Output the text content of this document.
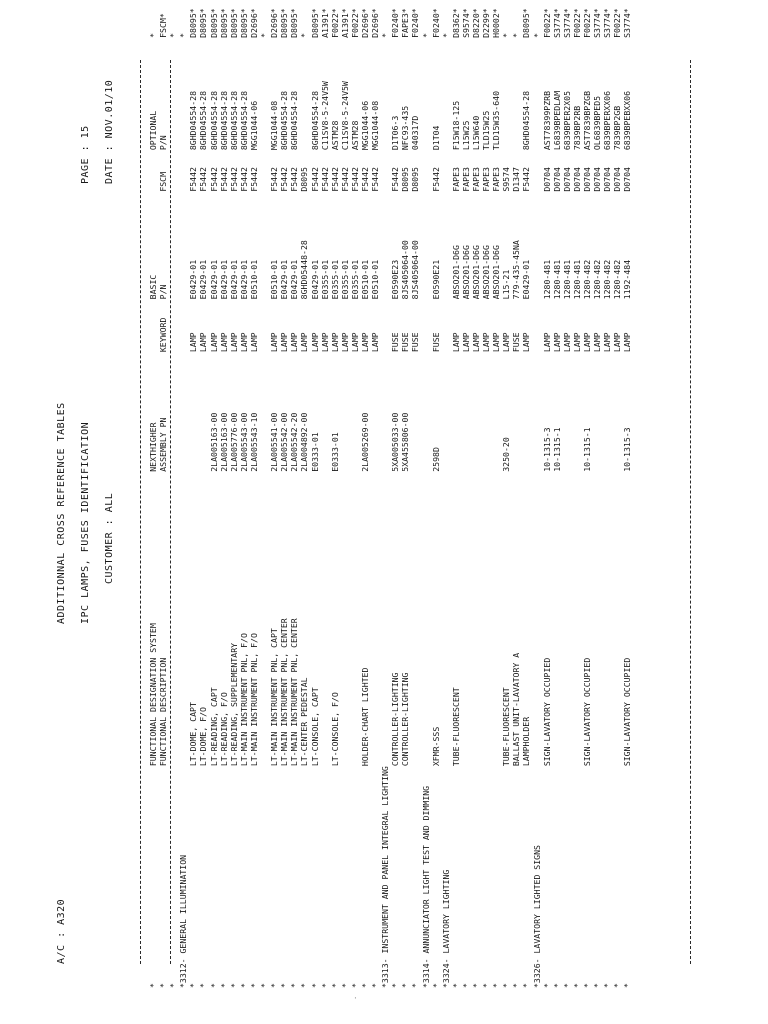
A/C : A320
ADDITIONNAL CROSS REFERENCE TABLES IPC LAMPS, FUSES IDENTIFICATION
PAGE : 15
CUSTOMER : ALL
DATE : NOV.01/10
*	FUNCTIONAL DESIGNATION SYSTEM	NEXTHIGHER		BASIC		OPTIONAL	*
*	FUNCTIONAL DESCRIPTION	ASSEMBLY PN	KEYWORD	P/N	FSCM	P/N	FSCM*
*							*
*3312- GENERAL ILLUMINATION							*
*	LT-DOME, CAPT		LAMP	E0429-01	F5442	8GHD04554-28	D8095*
*	LT-DOME, F/O		LAMP	E0429-01	F5442	8GHD04554-28	D8095*
*	LT-READING, CAPT	2LA005163-00	LAMP	E0429-01	F5442	8GHD04554-28	D8095*
*	LT-READING, F/O	2LA005163-00	LAMP	E0429-01	F5442	8GHD04554-28	D8095*
*	LT-READING, SUPPLEMENTARY	2LA005776-00	LAMP	E0429-01	F5442	8GHD04554-28	D8095*
*	LT-MAIN INSTRUMENT PNL, F/O	2LA005543-00	LAMP	E0429-01	F5442	8GHD04554-28	D8095*
*	LT-MAIN INSTRUMENT PNL, F/O	2LA005543-10	LAMP	E0510-01	F5442	MGG1044-06	D2696*
*							*
*	LT-MAIN INSTRUMENT PNL, CAPT	2LA005541-00	LAMP	E0510-01	F5442	MGG1044-08	D2696*
*	LT-MAIN INSTRUMENT PNL, CENTER	2LA005542-00	LAMP	E0429-01	F5442	8GHD04554-28	D8095*
*	LT-MAIN INSTRUMENT PNL, CENTER	2LA005542-20	LAMP	E0429-01	F5442	8GHD04554-28	D8095*
*	LT-CENTER PEDESTAL	2LA004892-00	LAMP	8GHD05448-28	D8095		*
*	LT-CONSOLE, CAPT	E0333-01	LAMP	E0429-01	F5442	8GHD04554-28	D8095*
*			LAMP	E0355-01	F5442	C11SV8-5-24V5W	A1391*
*	LT-CONSOLE, F/O	E0333-01	LAMP	E0355-01	F5442	ASTM28	F0022*
*			LAMP	E0355-01	F5442	C11SV8-5-24V5W	A1391*
*			LAMP	E0355-01	F5442	ASTM28	F0022*
*	HOLDER-CHART LIGHTED	2LA005269-00	LAMP	E0510-01	F5442	MGG1044-06	D2696*
*			LAMP	E0510-01	F5442	MGG1044-08	D2696*
*3313- INSTRUMENT AND PANEL INTEGRAL LIGHTING							*
*	CONTROLLER-LIGHTING	5XA005033-00	FUSE	E0590E23	F5442	D1T06-3	F0240*
*	CONTROLLER-LIGHTING	5XA455806-00	FUSE	8JS405064-00	D8095	NFC93-435	FAPE3*
*			FUSE	8JS405064-00	D8095	040317D	F0240*
*3314- ANNUNCIATOR LIGHT TEST AND DIMMING							*
*	XFMR-SSS	2598D	FUSE	E0590E21	F5442	D1T04	F0240*
*3324- LAVATORY LIGHTING							*
*	TUBE-FLUORESCENT		LAMP	ABSO201-D6G	FAPE3	F15W18-125	D8362*
*			LAMP	ABSO201-D6G	FAPE3	L15W25	S9574*
*			LAMP	ABSO201-D6G	FAPE3	L15W640	D8220*
*			LAMP	ABSO201-D6G	FAPE3	TLD15W25	D2299*
*			LAMP	ABSO201-D6G	FAPE3	TLD15W35-640	H0002*
*	TUBE-FLUORESCENT	3250-20	LAMP	L15-21	S9574		*
*	BALLAST UNIT-LAVATORY A		FUSE	779-435-45NA	D1347		*
*	LAMPHOLDER		LAMP	E0429-01	F5442	8GHD04554-28	D8095*
*3326- LAVATORY LIGHTED SIGNS							*
*	SIGN-LAVATORY OCCUPIED	10-1315-3	LAMP	1280-481	D0704	AST78399PZRB	F0022*
*		10-1315-1	LAMP	1280-481	D0704	L6839BPEDLAM	S3774*
*			LAMP	1280-481	D0704	6839BPER2X05	S3774*
*			LAMP	1280-481	D0704	7839BP2RB	F0022*
*	SIGN-LAVATORY OCCUPIED	10-1315-1	LAMP	1280-482	D0704	AST7839BPZGB	F0022*
*			LAMP	1280-482	D0704	OL6839BPED5	S3774*
*			LAMP	1280-482	D0704	6839BPERXX06	S3774*
*			LAMP	1280-482	D0704	7839BP2GB	F0022*
*	SIGN-LAVATORY OCCUPIED	10-1315-3	LAMP	1192-484	D0704	6839BPEBXX06	S3774*
·
